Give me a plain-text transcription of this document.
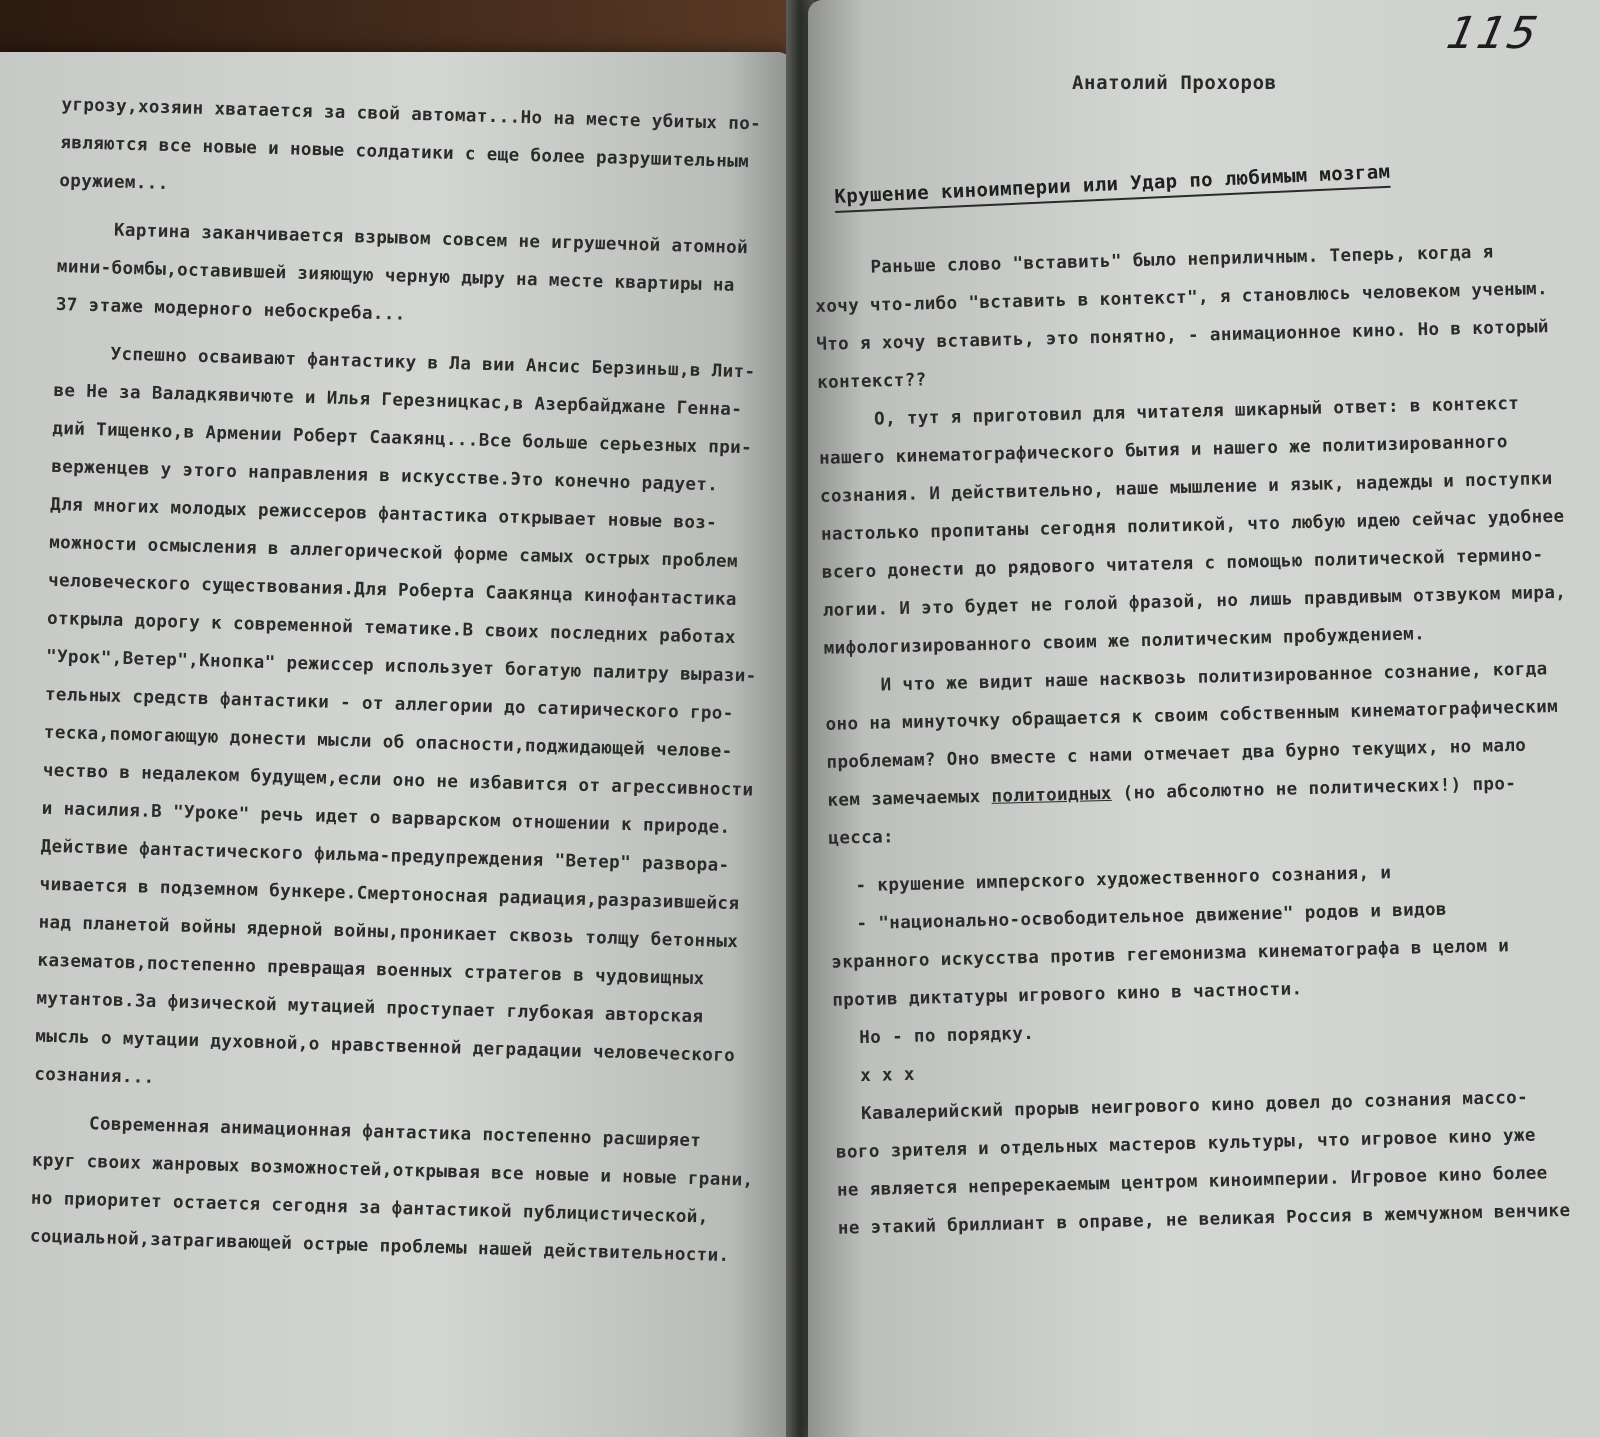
угрозу,хозяин хватается за свой автомат...Но на месте убитых по-
являются все новые и новые солдатики с еще более разрушительным
оружием...
Картина заканчивается взрывом совсем не игрушечной атомной
мини-бомбы,оставившей зияющую черную дыру на месте квартиры на
37 этаже модерного небоскреба...
Успешно осваивают фантастику в Ла вии Ансис Берзиньш,в Лит-
ве Не за Валадкявичюте и Илья Герезницкас,в Азербайджане Генна-
дий Тищенко,в Армении Роберт Саакянц...Все больше серьезных при-
верженцев у этого направления в искусстве.Это конечно радует.
Для многих молодых режиссеров фантастика открывает новые воз-
можности осмысления в аллегорической форме самых острых проблем
человеческого существования.Для Роберта Саакянца кинофантастика
открыла дорогу к современной тематике.В своих последних работах
"Урок",Ветер",Кнопка" режиссер использует богатую палитру вырази-
тельных средств фантастики - от аллегории до сатирического гро-
теска,помогающую донести мысли об опасности,поджидающей челове-
чество в недалеком будущем,если оно не избавится от агрессивности
и насилия.В "Уроке" речь идет о варварском отношении к природе.
Действие фантастического фильма-предупреждения "Ветер" развора-
чивается в подземном бункере.Смертоносная радиация,разразившейся
над планетой войны ядерной войны,проникает сквозь толщу бетонных
казематов,постепенно превращая военных стратегов в чудовищных
мутантов.За физической мутацией проступает глубокая авторская
мысль о мутации духовной,о нравственной деградации человеческого
сознания...
Современная анимационная фантастика постепенно расширяет
круг своих жанровых возможностей,открывая все новые и новые грани,
но приоритет остается сегодня за фантастикой публицистической,
социальной,затрагивающей острые проблемы нашей действительности.
115
Анатолий Прохоров
Крушение киноимперии или Удар по любимым мозгам
Раньше слово "вставить" было неприличным. Теперь, когда я
хочу что-либо "вставить в контекст", я становлюсь человеком ученым.
Что я хочу вставить, это понятно, - анимационное кино. Но в который
контекст??
О, тут я приготовил для читателя шикарный ответ: в контекст
нашего кинематографического бытия и нашего же политизированного
сознания. И действительно, наше мышление и язык, надежды и поступки
настолько пропитаны сегодня политикой, что любую идею сейчас удобнее
всего донести до рядового читателя с помощью политической термино-
логии. И это будет не голой фразой, но лишь правдивым отзвуком мира,
мифологизированного своим же политическим пробуждением.
И что же видит наше насквозь политизированное сознание, когда
оно на минуточку обращается к своим собственным кинематографическим
проблемам? Оно вместе с нами отмечает два бурно текущих, но мало
кем замечаемых политоидных (но абсолютно не политических!) про-
цесса:
- крушение имперского художественного сознания, и
- "национально-освободительное движение" родов и видов
экранного искусства против гегемонизма кинематографа в целом и
против диктатуры игрового кино в частности.
Но - по порядку.
х х х
Кавалерийский прорыв неигрового кино довел до сознания массо-
вого зрителя и отдельных мастеров культуры, что игровое кино уже
не является непререкаемым центром киноимперии. Игровое кино более
не этакий бриллиант в оправе, не великая Россия в жемчужном венчике
